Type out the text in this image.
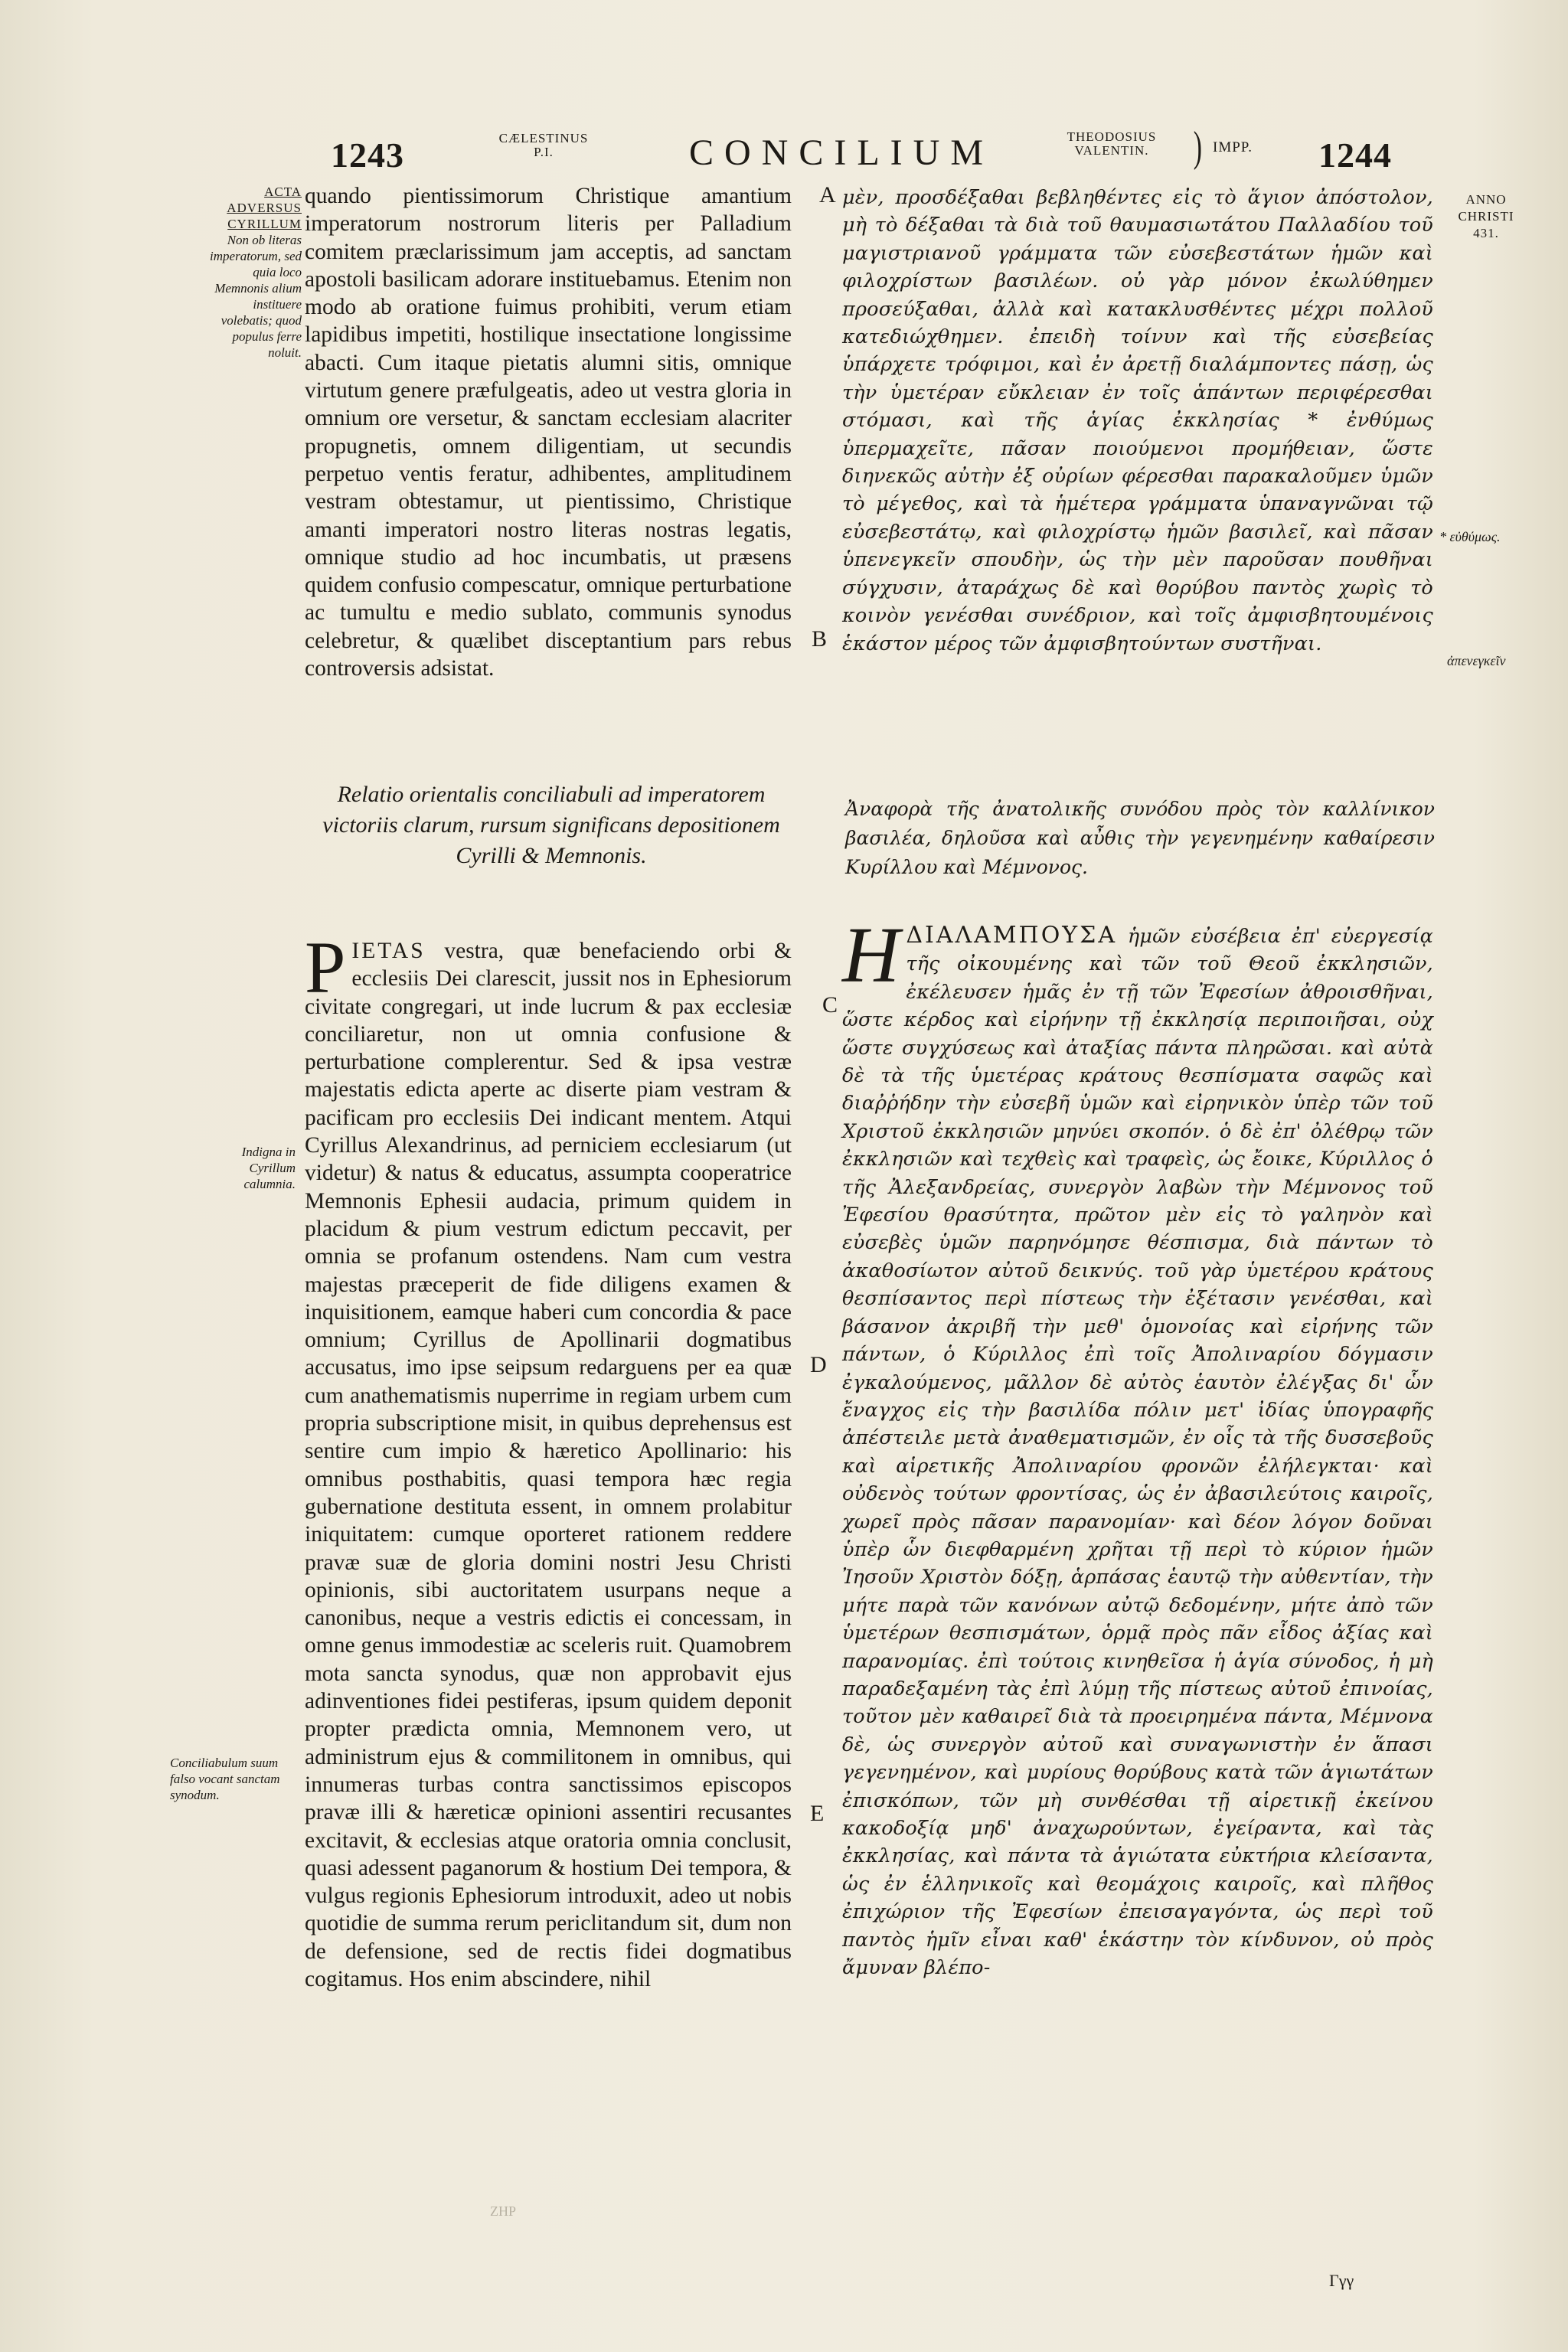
1243	CÆLESTINUS
P.I.	CONCILIUM	THEODOSIUS
VALENTIN.	) IMPP. 1244
ACTA
ADVERSUS
CYRILLUM
Non ob literas imperatorum, sed quia loco Memnonis alium instituere volebatis; quod populus ferre noluit.
Indigna in Cyrillum calumnia.
Conciliabulum suum falso vocant sanctam synodum.

quando pientissimorum Christique amantium imperatorum nostrorum literis per Palladium comitem præclarissimum jam acceptis, ad sanctam apostoli basilicam adorare instituebamus. Etenim non modo ab oratione fuimus prohibiti, verum etiam lapidibus impetiti, hostilique insectatione longissime abacti. Cum itaque pietatis alumni sitis, omnique virtutum genere præfulgeatis, adeo ut vestra gloria in omnium ore versetur, & sanctam ecclesiam alacriter propugnetis, omnem diligentiam, ut secundis perpetuo ventis feratur, adhibentes, amplitudinem vestram obtestamur, ut pientissimo, Christique amanti imperatori nostro literas nostras legatis, omnique studio ad hoc incumbatis, ut præsens quidem confusio compescatur, omnique perturbatione ac tumultu e medio sublato, communis synodus celebretur, & quælibet disceptantium pars rebus controversis adsistat.

Relatio orientalis conciliabuli ad imperatorem victoriis clarum, rursum significans depositionem Cyrilli & Memnonis.
P IETAS vestra, quæ benefaciendo orbi & ecclesiis Dei clarescit, jussit nos in Ephesiorum civitate congregari, ut inde lucrum & pax ecclesiæ conciliaretur, non ut omnia confusione & perturbatione complerentur. Sed & ipsa vestræ majestatis edicta aperte ac diserte piam vestram & pacificam pro ecclesiis Dei indicant mentem. Atqui Cyrillus Alexandrinus, ad perniciem ecclesiarum (ut videtur) & natus & educatus, assumpta cooperatrice Memnonis Ephesii audacia, primum quidem in placidum & pium vestrum edictum peccavit, per omnia se profanum ostendens. Nam cum vestra majestas præceperit de fide diligens examen & inquisitionem, eamque haberi cum concordia & pace omnium; Cyrillus de Apollinarii dogmatibus accusatus, imo ipse seipsum redarguens per ea quæ cum anathematismis nuperrime in regiam urbem cum propria subscriptione misit, in quibus deprehensus est sentire cum impio & hæretico Apollinario: his omnibus posthabitis, quasi tempora hæc regia gubernatione destituta essent, in omnem prolabitur iniquitatem: cumque oporteret rationem reddere pravæ suæ de gloria domini nostri Jesu Christi opinionis, sibi auctoritatem usurpans neque a canonibus, neque a vestris edictis ei concessam, in omne genus immodestiæ ac sceleris ruit. Quamobrem mota sancta synodus, quæ non approbavit ejus adinventiones fidei pestiferas, ipsum quidem deponit propter prædicta omnia, Memnonem vero, ut administrum ejus & commilitonem in omnibus, qui innumeras turbas contra sanctissimos episcopos pravæ illi & hæreticæ opinioni assentiri recusantes excitavit, & ecclesias atque oratoria omnia conclusit, quasi adessent paganorum & hostium Dei tempora, & vulgus regionis Ephesiorum introduxit, adeo ut nobis quotidie de summa rerum periclitandum sit, dum non de defensione, sed de rectis fidei dogmatibus cogitamus. Hos enim abscindere, nihil
ZHP
A
B
C
D
E

μὲν, προσδέξαθαι βεβληθέντες εἰς τὸ ἅγιον ἀπόστολον, μὴ τὸ δέξαθαι τὰ διὰ τοῦ θαυμασιωτάτου Παλλαδίου τοῦ μαγιστριανοῦ γράμματα τῶν εὐσεβεστάτων ἡμῶν καὶ φιλοχρίστων βασιλέων. οὐ γὰρ μόνον ἐκωλύθημεν προσεύξαθαι, ἀλλὰ καὶ κατακλυσθέντες μέχρι πολλοῦ κατεδιώχθημεν. ἐπειδὴ τοίνυν καὶ τῆς εὐσεβείας ὑπάρχετε τρόφιμοι, καὶ ἐν ἀρετῇ διαλάμποντες πάσῃ, ὡς τὴν ὑμετέραν εὔκλειαν ἐν τοῖς ἁπάντων περιφέρεσθαι στόμασι, καὶ τῆς ἁγίας ἐκκλησίας * ἐνθύμως ὑπερμαχεῖτε, πᾶσαν ποιούμενοι προμήθειαν, ὥστε διηνεκῶς αὐτὴν ἐξ οὐρίων φέρεσθαι παρακαλοῦμεν ὑμῶν τὸ μέγεθος, καὶ τὰ ἡμέτερα γράμματα ὑπαναγνῶναι τῷ εὐσεβεστάτῳ, καὶ φιλοχρίστῳ ἡμῶν βασιλεῖ, καὶ πᾶσαν ὑπενεγκεῖν σπουδὴν, ὡς τὴν μὲν παροῦσαν πουθῆναι σύγχυσιν, ἀταράχως δὲ καὶ θορύβου παντὸς χωρὶς τὸ κοινὸν γενέσθαι συνέδριον, καὶ τοῖς ἀμφισβητουμένοις ἑκάστον μέρος τῶν ἀμφισβητούντων συστῆναι.

Ἀναφορὰ τῆς ἀνατολικῆς συνόδου πρὸς τὸν καλλίνικον βασιλέα, δηλοῦσα καὶ αὖθις τὴν γεγενημένην καθαίρεσιν Κυρίλλου καὶ Μέμνονος.
Η ΔΙΑΛΑΜΠΟΥΣΑ ἡμῶν εὐσέβεια ἐπ' εὐεργεσίᾳ τῆς οἰκουμένης καὶ τῶν τοῦ Θεοῦ ἐκκλησιῶν, ἐκέλευσεν ἡμᾶς ἐν τῇ τῶν Ἐφεσίων ἀθροισθῆναι, ὥστε κέρδος καὶ εἰρήνην τῇ ἐκκλησίᾳ περιποιῆσαι, οὐχ ὥστε συγχύσεως καὶ ἀταξίας πάντα πληρῶσαι. καὶ αὐτὰ δὲ τὰ τῆς ὑμετέρας κράτους θεσπίσματα σαφῶς καὶ διαῤῥήδην τὴν εὐσεβῆ ὑμῶν καὶ εἰρηνικὸν ὑπὲρ τῶν τοῦ Χριστοῦ ἐκκλησιῶν μηνύει σκοπόν. ὁ δὲ ἐπ' ὀλέθρῳ τῶν ἐκκλησιῶν καὶ τεχθεὶς καὶ τραφεὶς, ὡς ἔοικε, Κύριλλος ὁ τῆς Ἀλεξανδρείας, συνεργὸν λαβὼν τὴν Μέμνονος τοῦ Ἐφεσίου θρασύτητα, πρῶτον μὲν εἰς τὸ γαληνὸν καὶ εὐσεβὲς ὑμῶν παρηνόμησε θέσπισμα, διὰ πάντων τὸ ἀκαθοσίωτον αὐτοῦ δεικνύς. τοῦ γὰρ ὑμετέρου κράτους θεσπίσαντος περὶ πίστεως τὴν ἐξέτασιν γενέσθαι, καὶ βάσανον ἀκριβῆ τὴν μεθ' ὁμονοίας καὶ εἰρήνης τῶν πάντων, ὁ Κύριλλος ἐπὶ τοῖς Ἀπολιναρίου δόγμασιν ἐγκαλούμενος, μᾶλλον δὲ αὐτὸς ἑαυτὸν ἐλέγξας δι' ὧν ἔναγχος εἰς τὴν βασιλίδα πόλιν μετ' ἰδίας ὑπογραφῆς ἀπέστειλε μετὰ ἀναθεματισμῶν, ἐν οἷς τὰ τῆς δυσσεβοῦς καὶ αἱρετικῆς Ἀπολιναρίου φρονῶν ἐλήλεγκται· καὶ οὐδενὸς τούτων φροντίσας, ὡς ἐν ἀβασιλεύτοις καιροῖς, χωρεῖ πρὸς πᾶσαν παρανομίαν· καὶ δέον λόγον δοῦναι ὑπὲρ ὧν διεφθαρμένη χρῆται τῇ περὶ τὸ κύριον ἡμῶν Ἰησοῦν Χριστὸν δόξῃ, ἁρπάσας ἑαυτῷ τὴν αὐθεντίαν, τὴν μήτε παρὰ τῶν κανόνων αὐτῷ δεδομένην, μήτε ἀπὸ τῶν ὑμετέρων θεσπισμάτων, ὁρμᾷ πρὸς πᾶν εἶδος ἀξίας καὶ παρανομίας. ἐπὶ τούτοις κινηθεῖσα ἡ ἁγία σύνοδος, ἡ μὴ παραδεξαμένη τὰς ἐπὶ λύμῃ τῆς πίστεως αὐτοῦ ἐπινοίας, τοῦτον μὲν καθαιρεῖ διὰ τὰ προειρημένα πάντα, Μέμνονα δὲ, ὡς συνεργὸν αὐτοῦ καὶ συναγωνιστὴν ἐν ἅπασι γεγενημένον, καὶ μυρίους θορύβους κατὰ τῶν ἁγιωτάτων ἐπισκόπων, τῶν μὴ συνθέσθαι τῇ αἱρετικῇ ἐκείνου κακοδοξίᾳ μηδ' ἀναχωρούντων, ἐγείραντα, καὶ τὰς ἐκκλησίας, καὶ πάντα τὰ ἁγιώτατα εὐκτήρια κλείσαντα, ὡς ἐν ἑλληνικοῖς καὶ θεομάχοις καιροῖς, καὶ πλῆθος ἐπιχώριον τῆς Ἐφεσίων ἐπεισαγαγόντα, ὡς περὶ τοῦ παντὸς ἡμῖν εἶναι καθ' ἑκάστην τὸν κίνδυνον, οὐ πρὸς ἄμυναν βλέπο-
Γγγ
ANNO
CHRISTI
431.
* εὐθύμως.
ἀπενεγκεῖν
